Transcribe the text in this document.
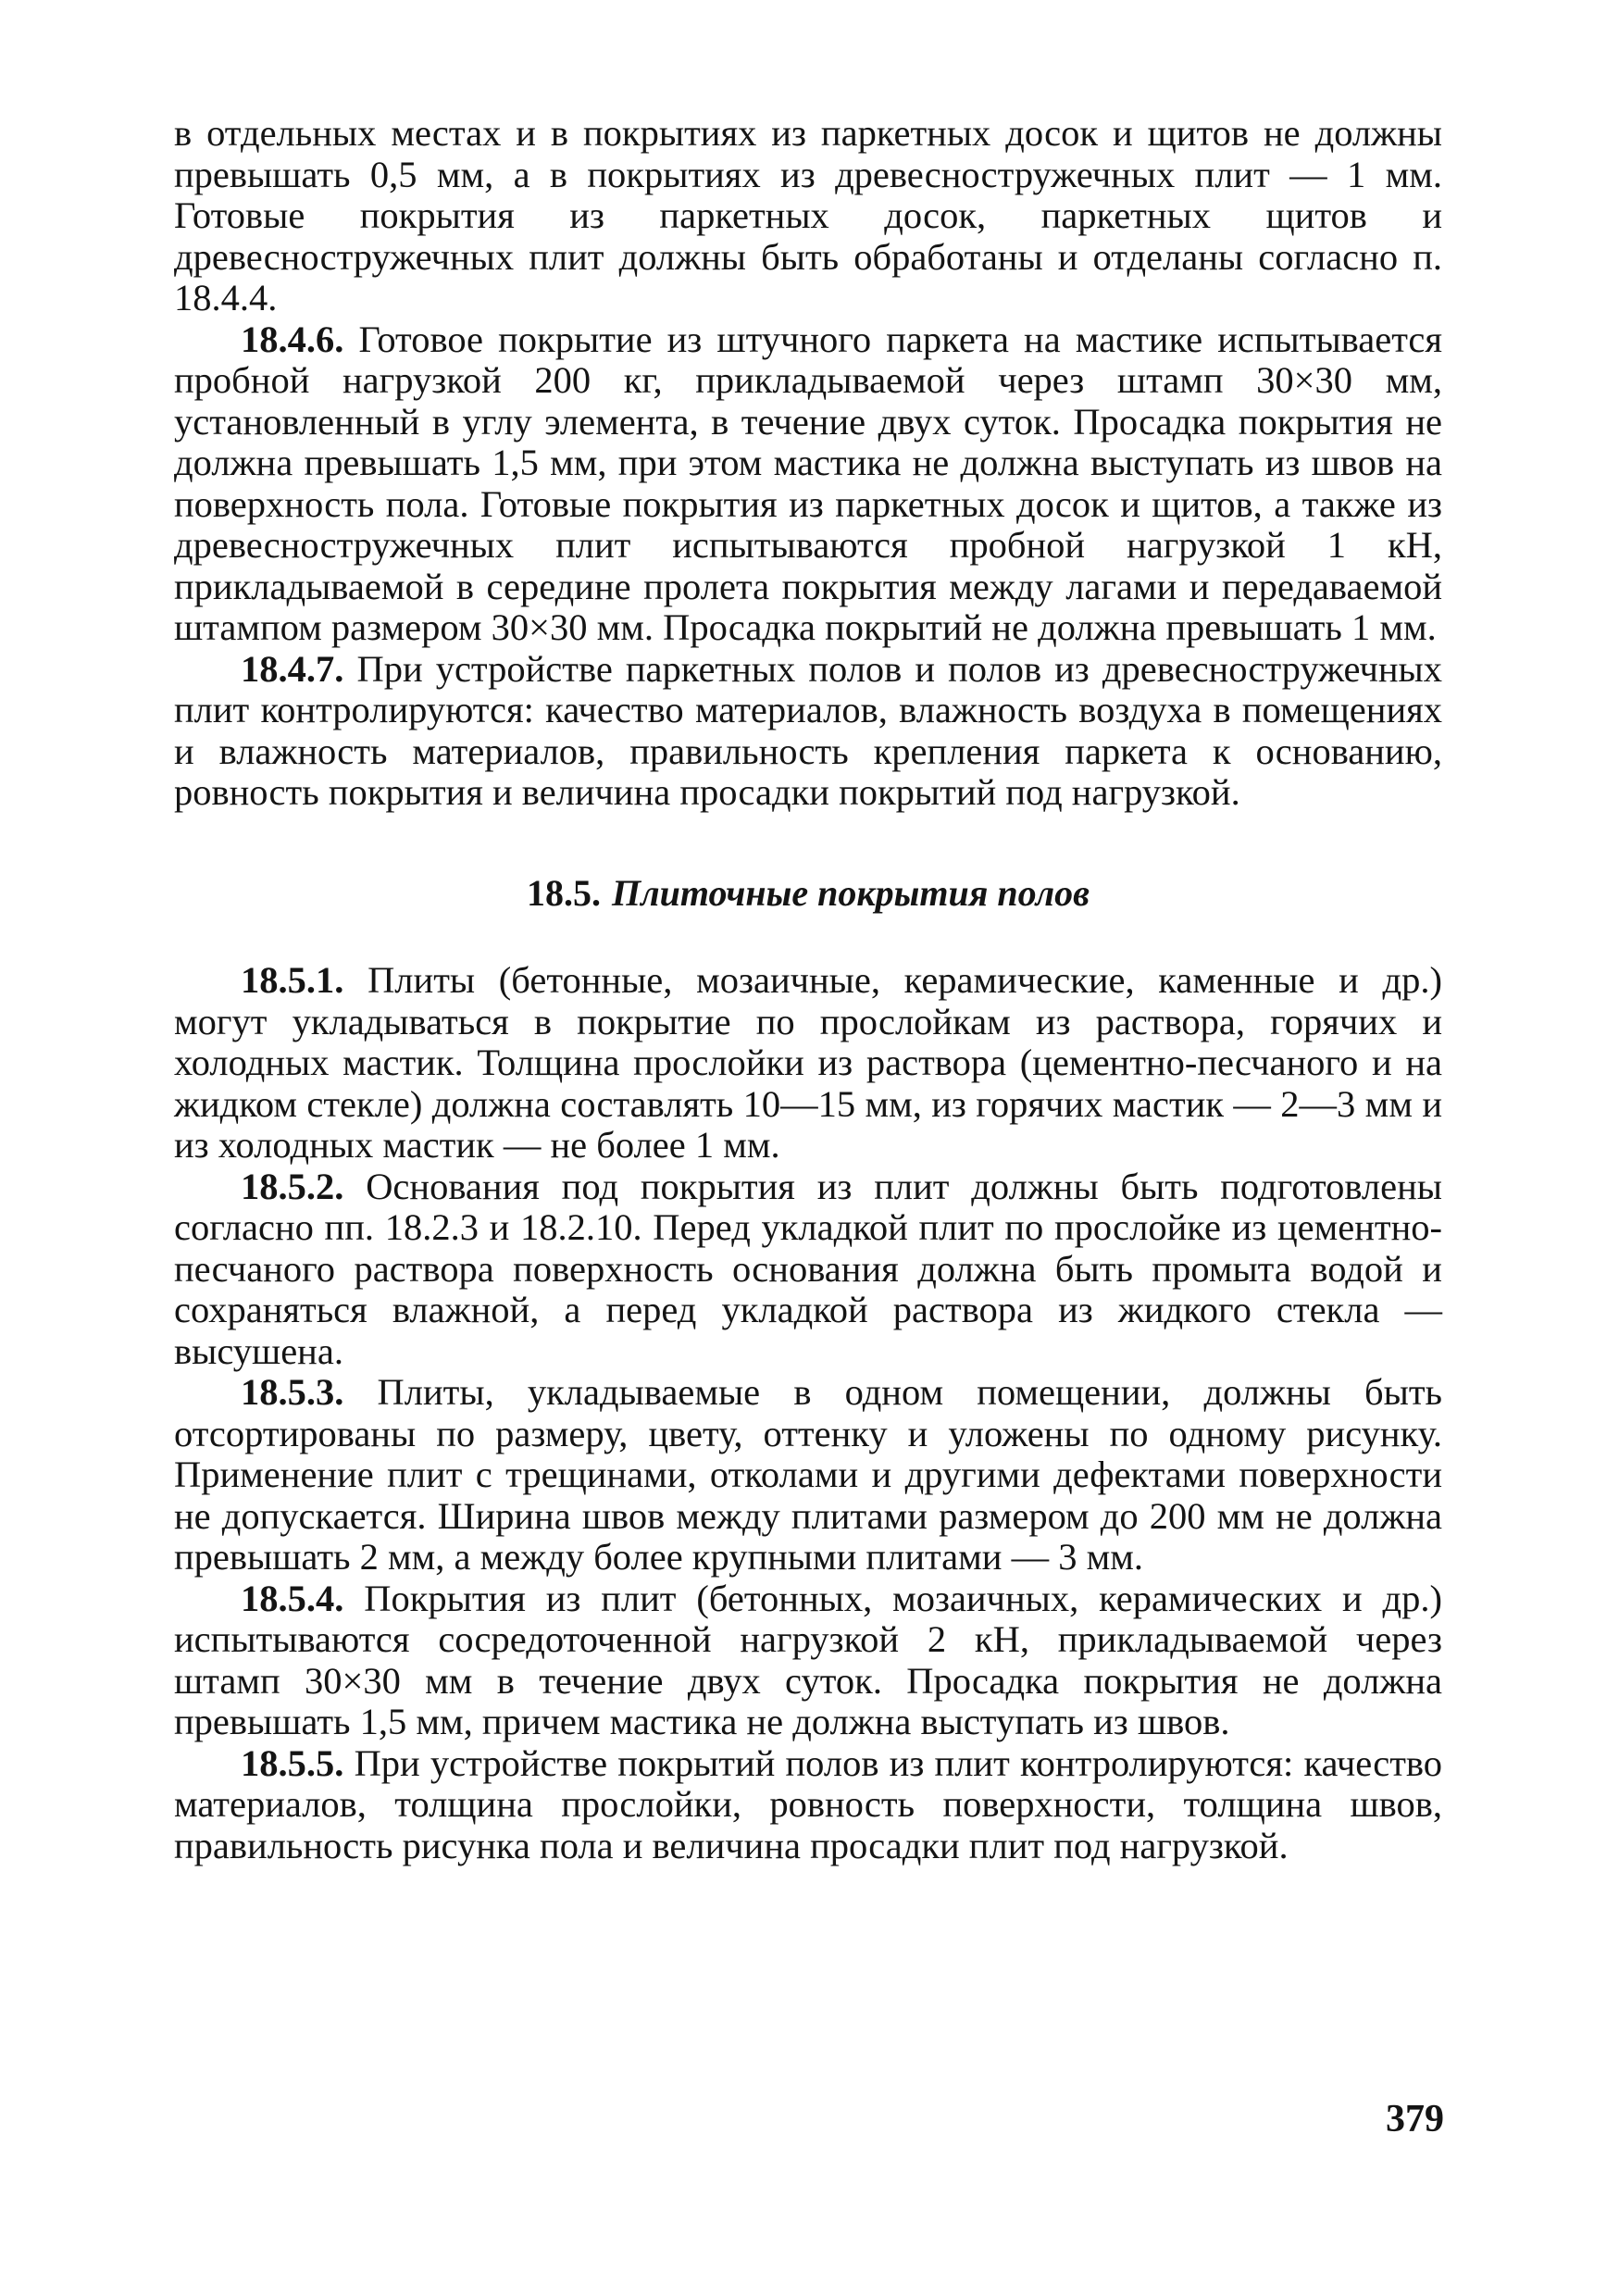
в отдельных местах и в покрытиях из паркетных досок и щитов не должны превышать 0,5 мм, а в покрытиях из древесностружечных плит — 1 мм. Готовые покрытия из паркетных досок, паркетных щитов и древесностружечных плит должны быть обработаны и отделаны согласно п. 18.4.4.

18.4.6. Готовое покрытие из штучного паркета на мастике испытывается пробной нагрузкой 200 кг, прикладываемой через штамп 30×30 мм, установленный в углу элемента, в течение двух суток. Просадка покрытия не должна превышать 1,5 мм, при этом мастика не должна выступать из швов на поверхность пола. Готовые покрытия из паркетных досок и щитов, а также из древесностружечных плит испытываются пробной нагрузкой 1 кН, прикладываемой в середине пролета покрытия между лагами и передаваемой штампом размером 30×30 мм. Просадка покрытий не должна превышать 1 мм.

18.4.7. При устройстве паркетных полов и полов из древесностружечных плит контролируются: качество материалов, влажность воздуха в помещениях и влажность материалов, правильность крепления паркета к основанию, ровность покрытия и величина просадки покрытий под нагрузкой.

18.5. Плиточные покрытия полов

18.5.1. Плиты (бетонные, мозаичные, керамические, каменные и др.) могут укладываться в покрытие по прослойкам из раствора, горячих и холодных мастик. Толщина прослойки из раствора (цементно-песчаного и на жидком стекле) должна составлять 10—15 мм, из горячих мастик — 2—3 мм и из холодных мастик — не более 1 мм.

18.5.2. Основания под покрытия из плит должны быть подготовлены согласно пп. 18.2.3 и 18.2.10. Перед укладкой плит по прослойке из цементно-песчаного раствора поверхность основания должна быть промыта водой и сохраняться влажной, а перед укладкой раствора из жидкого стекла — высушена.

18.5.3. Плиты, укладываемые в одном помещении, должны быть отсортированы по размеру, цвету, оттенку и уложены по одному рисунку. Применение плит с трещинами, отколами и другими дефектами поверхности не допускается. Ширина швов между плитами размером до 200 мм не должна превышать 2 мм, а между более крупными плитами — 3 мм.

18.5.4. Покрытия из плит (бетонных, мозаичных, керамических и др.) испытываются сосредоточенной нагрузкой 2 кН, прикладываемой через штамп 30×30 мм в течение двух суток. Просадка покрытия не должна превышать 1,5 мм, причем мастика не должна выступать из швов.

18.5.5. При устройстве покрытий полов из плит контролируются: качество материалов, толщина прослойки, ровность поверхности, толщина швов, правильность рисунка пола и величина просадки плит под нагрузкой.

379
